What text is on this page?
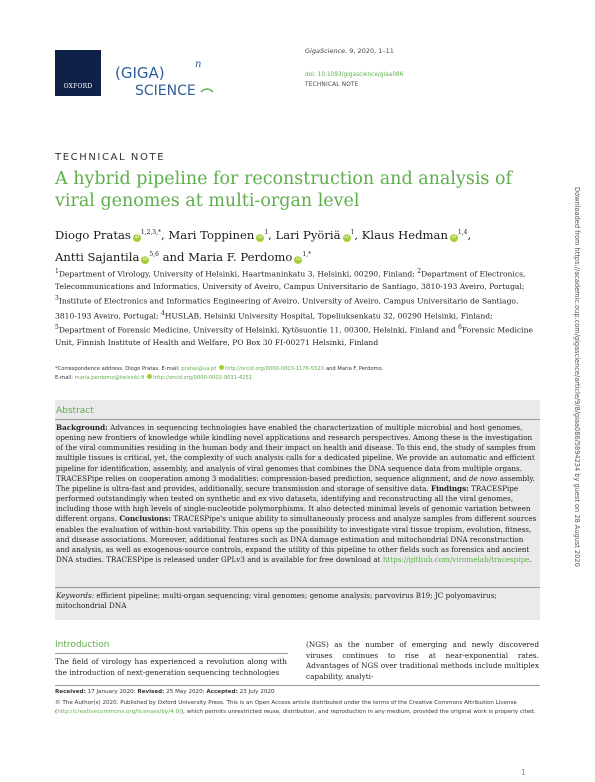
OXFORD
(GIGA)	n
SCIENCE
GigaScience, 9, 2020, 1–11
doi: 10.1093/gigascience/giaa086
TECHNICAL NOTE
TECHNICAL NOTE
A hybrid pipeline for reconstruction and analysis of viral genomes at multi-organ level
Diogo Pratas $iD^{1,2,3,*}$, Mari Toppinen $iD^1$, Lari Pyöriä $iD^1$, Klaus Hedman iD$^{1,4}$,
Antti Sajantila iD$^{5,6}$ and Maria F. Perdomo $iD^{1,*}$
$^1$Department of Virology, University of Helsinki, Haartmaninkatu 3, Helsinki, 00290, Finland; $^2$Department of Electronics, Telecommunications and Informatics, University of Aveiro, Campus Universitario de Santiago, 3810-193 Aveiro, Portugal; $^3$Institute of Electronics and Informatics Engineering of Aveiro, University of Aveiro, Campus Universitario de Santiago, 3810-193 Aveiro, Portugal; $^4$HUSLAB, Helsinki University Hospital, Topeliuksenkatu 32, 00290 Helsinki, Finland; $^5$Department of Forensic Medicine, University of Helsinki, Kytösuontie 11, 00300, Helsinki, Finland and $^6$Forensic Medicine Unit, Finnish Institute of Health and Welfare, PO Box 30 FI-00271 Helsinki, Finland
*Correspondence address. Diogo Pratas. E-mail: pratas@ua.pt http://orcid.org/0000-0003-1176-552X and Maria F. Perdomo.
E-mail: maria.perdomo@helsinki.fi http://orcid.org/0000-0002-9031-4251
Abstract
Background: Advances in sequencing technologies have enabled the characterization of multiple microbial and host genomes, opening new frontiers of knowledge while kindling novel applications and research perspectives. Among these is the investigation of the viral communities residing in the human body and their impact on health and disease. To this end, the study of samples from multiple tissues is critical, yet, the complexity of such analysis calls for a dedicated pipeline. We provide an automatic and efficient pipeline for identification, assembly, and analysis of viral genomes that combines the DNA sequence data from multiple organs. TRACESPipe relies on cooperation among 3 modalities: compression-based prediction, sequence alignment, and de novo assembly. The pipeline is ultra-fast and provides, additionally, secure transmission and storage of sensitive data. Findings: TRACESPipe performed outstandingly when tested on synthetic and ex vivo datasets, identifying and reconstructing all the viral genomes, including those with high levels of single-nucleotide polymorphisms. It also detected minimal levels of genomic variation between different organs. Conclusions: TRACESPipe's unique ability to simultaneously process and analyze samples from different sources enables the evaluation of within-host variability. This opens up the possibility to investigate viral tissue tropism, evolution, fitness, and disease associations. Moreover, additional features such as DNA damage estimation and mitochondrial DNA reconstruction and analysis, as well as exogenous-source controls, expand the utility of this pipeline to other fields such as forensics and ancient DNA studies. TRACESPipe is released under GPLv3 and is available for free download at https://github.com/viromelab/tracespipe.
Keywords: efficient pipeline; multi-organ sequencing; viral genomes; genome analysis; parvovirus B19; JC polyomavirus; mitochondrial DNA
Introduction
The field of virology has experienced a revolution along with the introduction of next-generation sequencing technologies
(NGS) as the number of emerging and newly discovered viruses continues to rise at near-exponential rates. Advantages of NGS over traditional methods include multiplex capability, analyti-
Received: 17 January 2020; Revised: 25 May 2020; Accepted: 23 July 2020
© The Author(s) 2020. Published by Oxford University Press. This is an Open Access article distributed under the terms of the Creative Commons Attribution License (http://creativecommons.org/licenses/by/4.0/), which permits unrestricted reuse, distribution, and reproduction in any medium, provided the original work is properly cited.
1
Downloaded from https://academic.oup.com/gigascience/article/9/8/giaa086/5894234 by guest on 28 August 2020
